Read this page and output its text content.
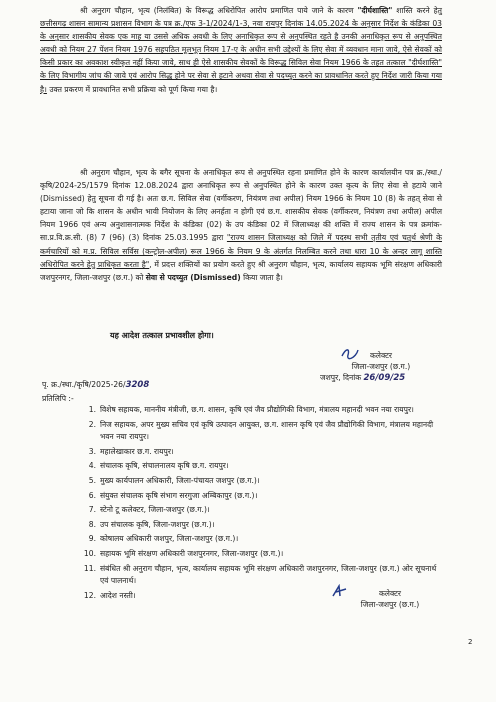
श्री अनुराग चौहान, भृत्य (निलंबित) के विरूद्ध अधिरोपित आरोप प्रमाणित पाये जाने के कारण "दीर्घशास्ति" शास्ति करने हेतु छत्तीसगढ़ शासन सामान्य प्रशासन विभाग के पत्र क्र./एफ 3-1/2024/1-3, नवा रायपुर दिनांक 14.05.2024 के अनुसार निर्देश के कंडिका 03 के अनुसार शासकीय सेवक एक माह या उससे अधिक अवधी के लिए अनाधिकृत रूप से अनुपस्थित रहते है उनकी अनाधिकृत रूप से अनुपस्थित अवधी को नियम 27 पेंशन नियम 1976 सहपठित मूलभूत नियम 17-ए के अधीन सभी उद्देश्यों के लिए सेवा में व्यवधान माना जावे, ऐसे सेवकों को किसी प्रकार का अवकाश स्वीकृत नहीं किया जावे, साथ ही ऐसे शासकीय सेवकों के विरूद्ध सिविल सेवा नियम 1966 के तहत तत्काल "दीर्घशास्ति" के लिए विभागीय जांच की जावे एवं आरोप सिद्ध होने पर सेवा से हटाने अथवा सेवा से पदच्युत करने का प्रावधानित करते हुए निर्देश जारी किया गया है। उक्त प्रकरण में प्रावधानित सभी प्रक्रिया को पूर्ण किया गया है।
श्री अनुराग चौहान, भृत्य के बगैर सूचना के अनाधिकृत रूप से अनुपस्थित रहना प्रमाणित होने के कारण कार्यालयीन पत्र क्र./स्था./कृषि/2024-25/1579 दिनांक 12.08.2024 द्वारा अनाधिकृत रूप से अनुपस्थित होने के कारण उक्त कृत्य के लिए सेवा से हटाये जाने (Dismissed) हेतु सूचना दी गई है। अतः छ.ग. सिविल सेवा (वर्गीकरण, नियंत्रण तथा अपील) नियम 1966 के नियम 10 (8) के तहत् सेवा से हटाया जाना जो कि शासन के अधीन भावी नियोजन के लिए अनर्हता न होगी एवं छ.ग. शासकीय सेवक (वर्गीकरण, नियंत्रण तथा अपील) अपील नियम 1966 एवं अन्य अनुशासनात्मक निर्देश के कंडिका (02) के उप कंडिका 02 में जिलाध्यक्ष की शक्ति में राज्य शासन के पत्र क्रमांक-सा.प्र.वि.क्र.सी. (8) 7 (96) (3) दिनांक 25.03.1995 द्वारा "राज्य शासन जिलाध्यक्ष को जिले में पदस्थ सभी तृतीय एवं चतुर्थ श्रेणी के कर्मचारियों को म.प्र. सिविल सर्विस (कन्ट्रोल-अपील) रूल 1966 के नियम 9 के अंतर्गत निलम्बित करने तथा धारा 10 के अन्दर लागू शास्ति अधिरोपित करने हेतु प्राधिकृत करता है", में प्रदत्त शक्तियों का प्रयोग करते हुए श्री अनुराग चौहान, भृत्य, कार्यालय सहायक भूमि संरक्षण अधिकारी जशपुरनगर, जिला-जशपुर (छ.ग.) को सेवा से पदच्युत (Dismissed) किया जाता है।
यह आदेश तत्काल प्रभावशील होगा।
कलेक्टर
जिला-जशपुर (छ.ग.)
जशपुर, दिनांक 26/09/25
पृ. क्र./स्था./कृषि/2025-26/3208
प्रतिलिपि :-
1. विशेष सहायक, माननीय मंत्रीजी, छ.ग. शासन, कृषि एवं जैव प्रौद्योगिकी विभाग, मंत्रालय महानदी भवन नया रायपुर।
2. निज सहायक, अपर मुख्य सचिव एवं कृषि उत्पादन आयुक्त, छ.ग. शासन कृषि एवं जैव प्रौद्योगिकी विभाग, मंत्रालय महानदी भवन नया रायपुर।
3. महालेखाकार छ.ग. रायपुर।
4. संचालक कृषि, संचालनालय कृषि छ.ग. रायपुर।
5. मुख्य कार्यपालन अधिकारी, जिला-पंचायत जशपुर (छ.ग.)।
6. संयुक्त संचालक कृषि संभाग सरगुजा अम्बिकापुर (छ.ग.)।
7. स्टेनो टू कलेक्टर, जिला-जशपुर (छ.ग.)।
8. उप संचालक कृषि, जिला-जशपुर (छ.ग.)।
9. कोषालय अधिकारी जशपुर, जिला-जशपुर (छ.ग.)।
10. सहायक भूमि संरक्षण अधिकारी जशपुरनगर, जिला-जशपुर (छ.ग.)।
11. संबंधित श्री अनुराग चौहान, भृत्य, कार्यालय सहायक भूमि संरक्षण अधिकारी जशपुरनगर, जिला-जशपुर (छ.ग.) ओर सूचनार्थ एवं पालनार्थ।
12. आदेश नस्ती।	कलेक्टर
जिला-जशपुर (छ.ग.)
2
